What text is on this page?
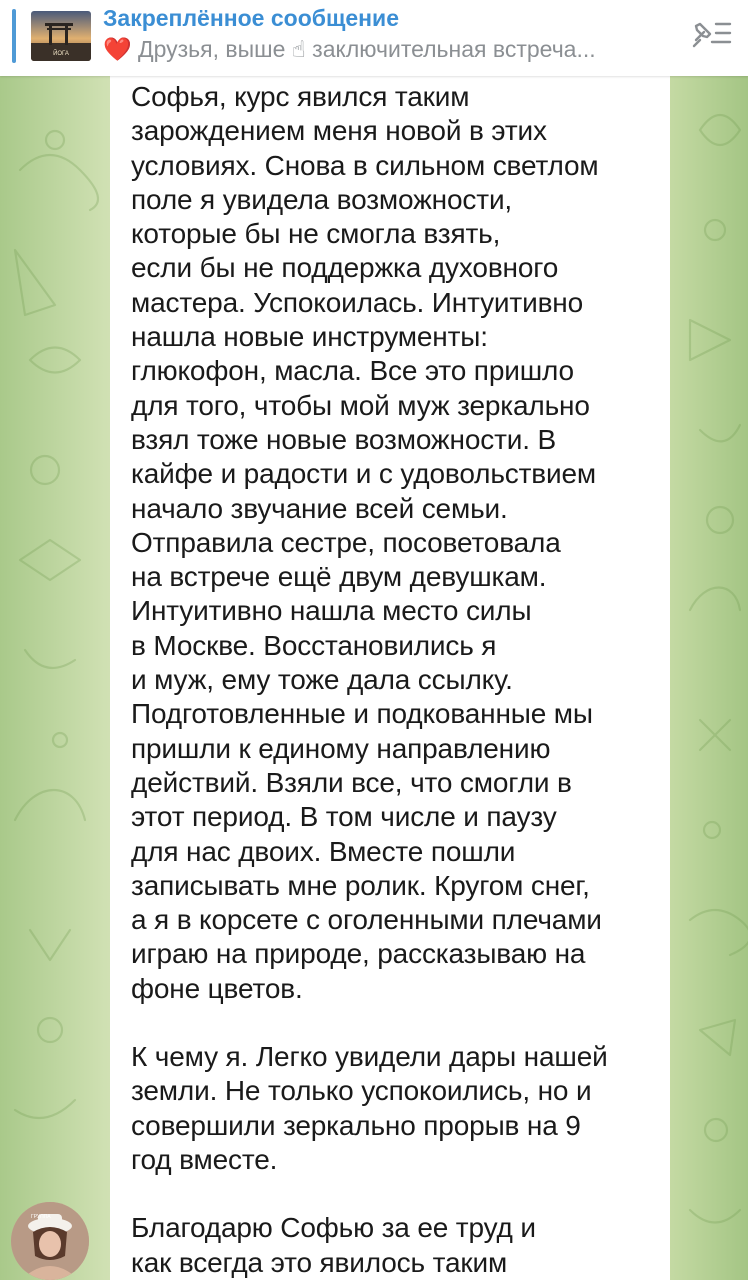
ЙОГА
Закреплённое сообщение
❤️ Друзья, выше ☝ заключительная встреча...

Софья, курс явился таким
зарождением меня новой в этих
условиях. Снова в сильном светлом
поле я увидела возможности,
которые бы не смогла взять,
если бы не поддержка духовного
мастера. Успокоилась. Интуитивно
нашла новые инструменты:
глюкофон, масла. Все это пришло
для того, чтобы мой муж зеркально
взял тоже новые возможности. В
кайфе и радости и с удовольствием
начало звучание всей семьи.
Отправила сестре, посоветовала
на встрече ещё двум девушкам.
Интуитивно нашла место силы
в Москве. Восстановились я
и муж, ему тоже дала ссылку.
Подготовленные и подкованные мы
пришли к единому направлению
действий. Взяли все, что смогли в
этот период. В том числе и паузу
для нас двоих. Вместе пошли
записывать мне ролик. Кругом снег,
а я в корсете с оголенными плечами
играю на природе, рассказываю на
фоне цветов.

К чему я. Легко увидели дары нашей
земли. Не только успокоились, но и
совершили зеркально прорыв на 9
год вместе.

Благодарю Софью за ее труд и
как всегда это явилось таким

ГРУППА
